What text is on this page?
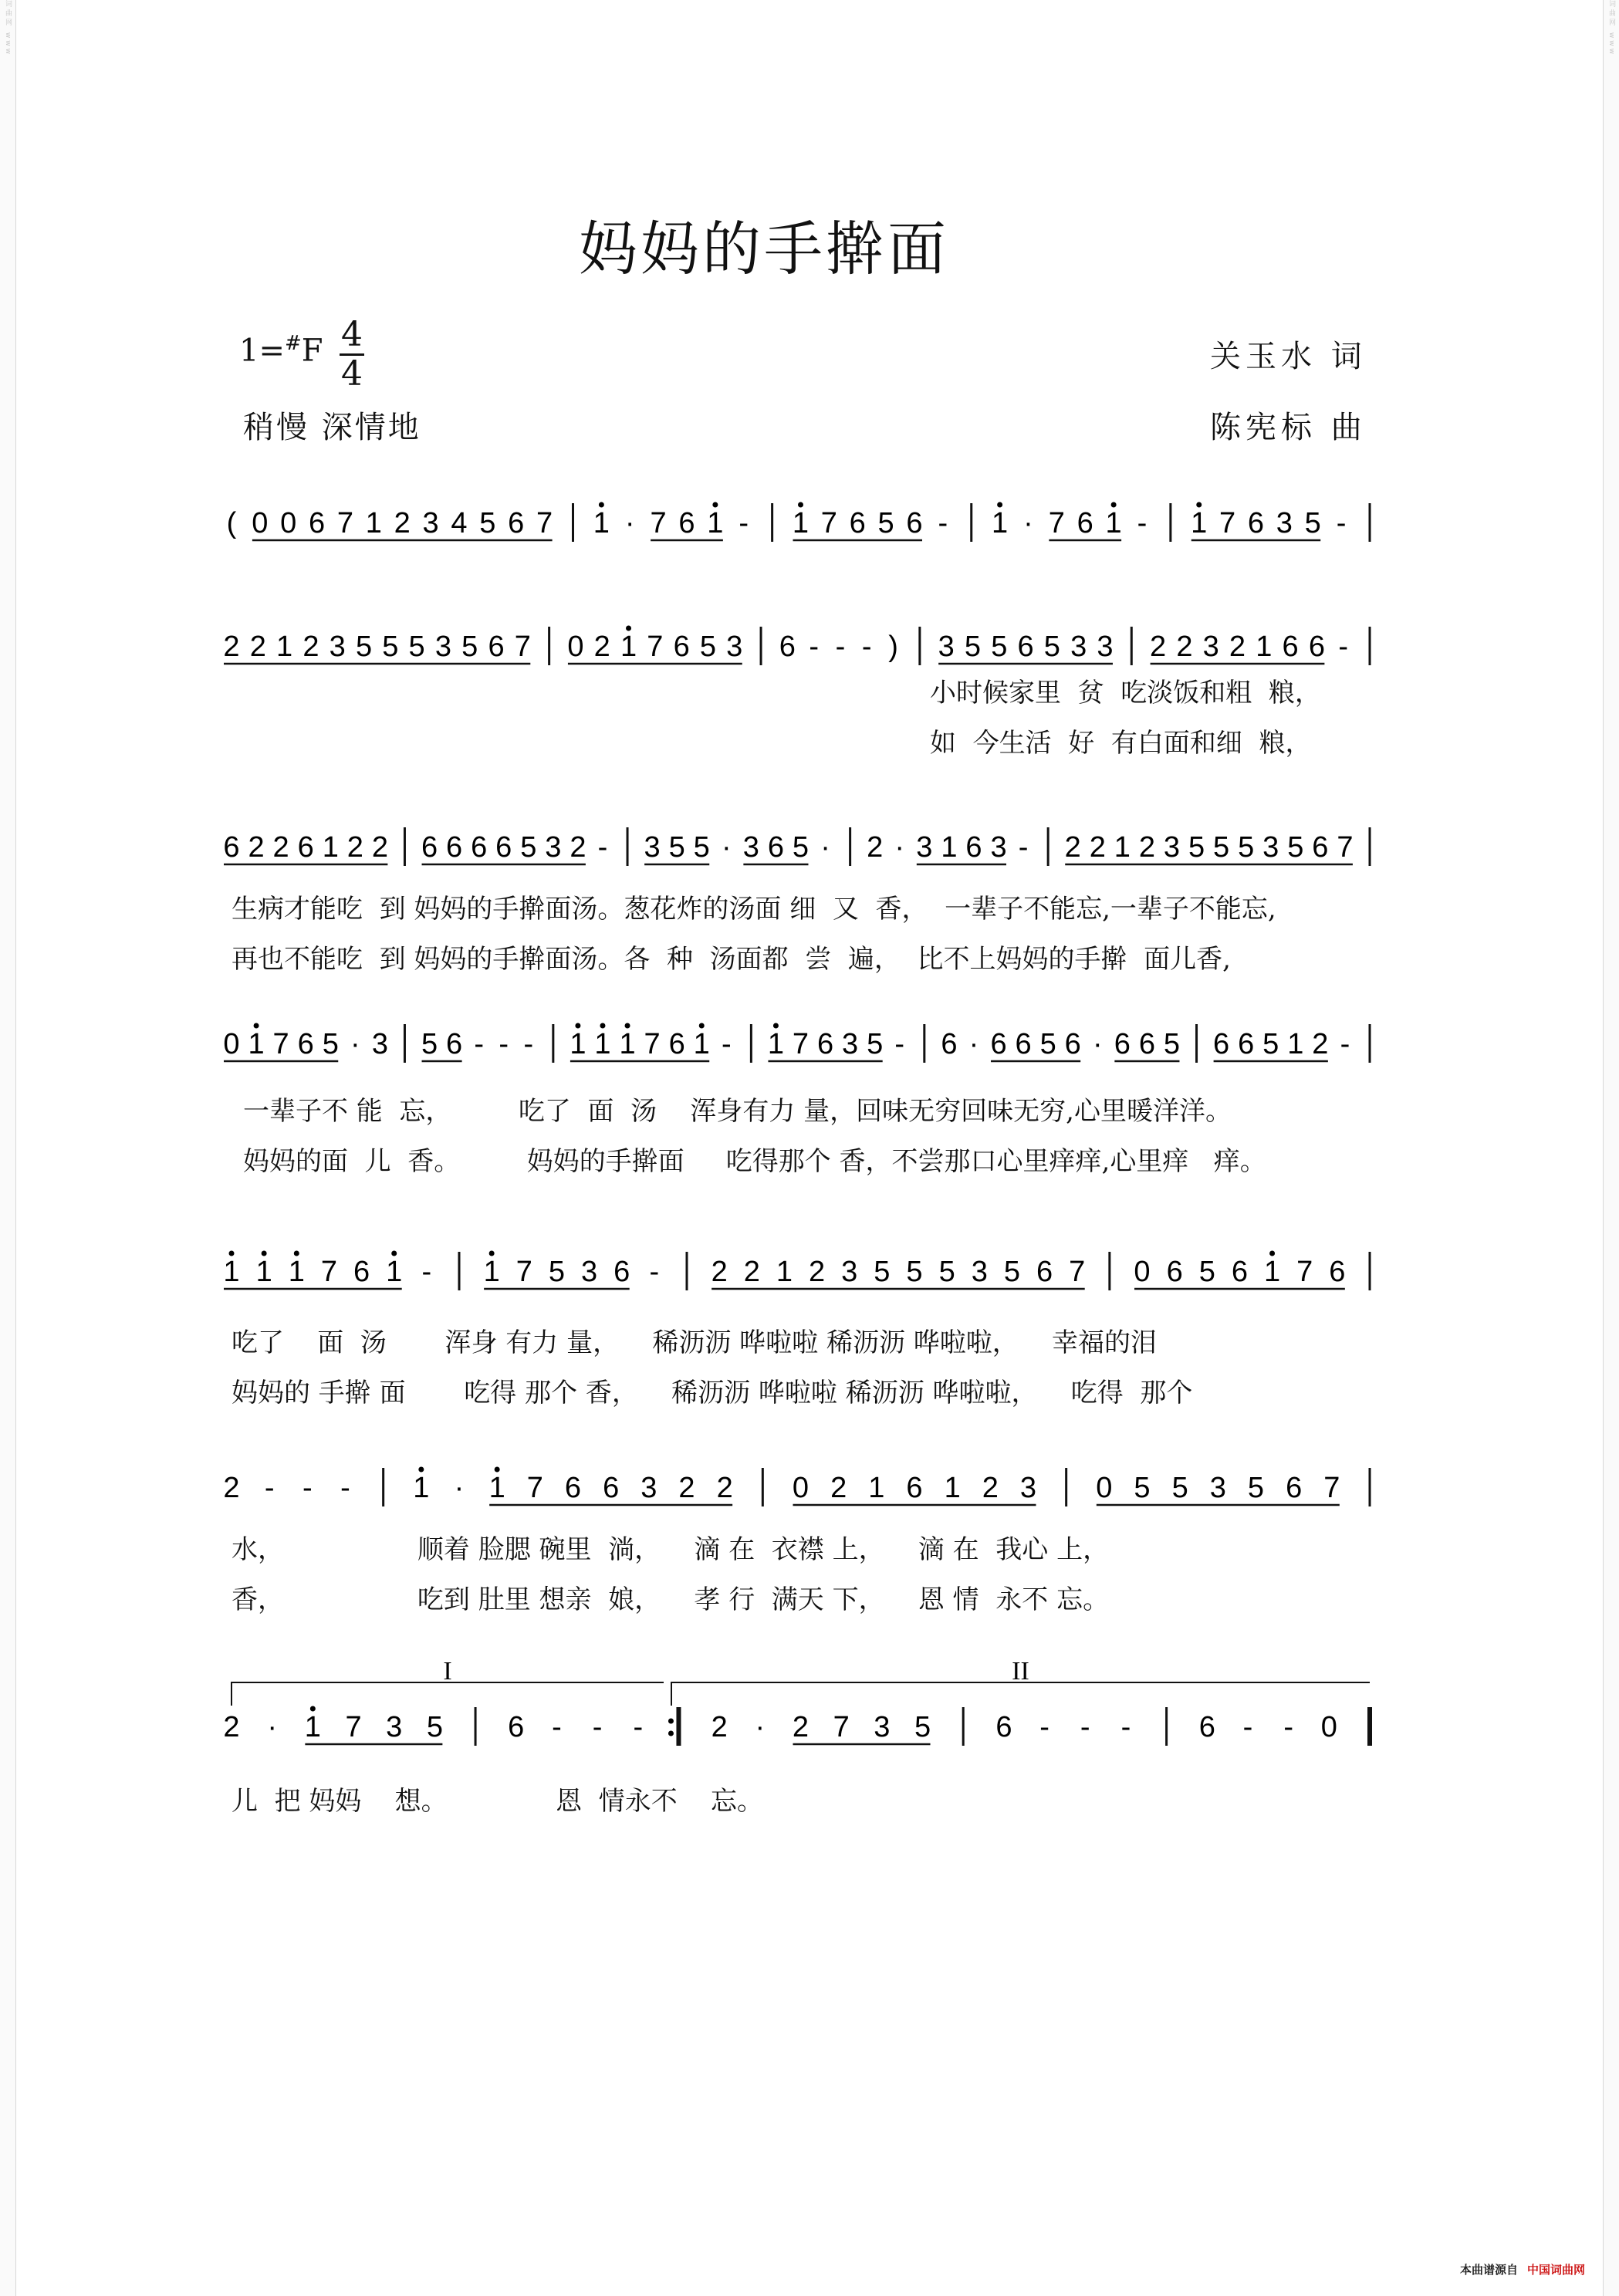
词曲网 www	词曲网 www
妈妈的手擀面
1=#F 4
4
稍慢 深情地
关玉水 词
陈宪标 曲
( 0 0 6 7 1 2 3 4 5 6 7 1 · 7 6 1 - 1 7 6 5 6 - 1 · 7 6 1 - 1 7 6 3 5 -
2 2 1 2 3 5 5 5 3 5 6 7 0 2 1 7 6 5 3 6 - - - ) 3 5 5 6 5 3 3 2 2 3 2 1 6 6 -
小时候家里  贫  吃淡饭和粗  粮，
如  今生活  好  有白面和细  粮，
6 2 2 6 1 2 2 6 6 6 6 5 3 2 - 3 5 5 · 3 6 5 · 2 · 3 1 6 3 - 2 2 1 2 3 5 5 5 3 5 6 7
生病才能吃  到 妈妈的手擀面汤。葱花炸的汤面 细  又  香，  一辈子不能忘,一辈子不能忘,
再也不能吃  到 妈妈的手擀面汤。各  种  汤面都  尝  遍，  比不上妈妈的手擀  面儿香,
0 1 7 6 5 · 3 5 6 - - - 1 1 1 7 6 1 - 1 7 6 3 5 - 6 · 6 6 5 6 · 6 6 5 6 6 5 1 2 -
一辈子不 能  忘，        吃了  面  汤    浑身有力 量，回味无穷回味无穷,心里暖洋洋。
妈妈的面  儿  香。        妈妈的手擀面     吃得那个 香，不尝那口心里痒痒,心里痒   痒。
1 1 1 7 6 1 - 1 7 5 3 6 - 2 2 1 2 3 5 5 5 3 5 6 7 0 6 5 6 1 7 6
吃了    面  汤       浑身 有力 量，    稀沥沥 哗啦啦 稀沥沥 哗啦啦，    幸福的泪
妈妈的 手擀 面       吃得 那个 香，    稀沥沥 哗啦啦 稀沥沥 哗啦啦，    吃得  那个
2 - - - 1 · 1 7 6 6 3 2 2 0 2 1 6 1 2 3 0 5 5 3 5 6 7
水，                顺着 脸腮 碗里  淌，    滴 在  衣襟 上，    滴 在  我心 上，
香，                吃到 肚里 想亲  娘，    孝 行  满天 下，    恩 情  永不 忘。
2 · 1 7 3 5 6 - - - 2 · 2 7 3 5 6 - - - 6 - - 0
I	II
儿  把 妈妈    想。             恩  情永不    忘。
本曲谱源自 中国词曲网
